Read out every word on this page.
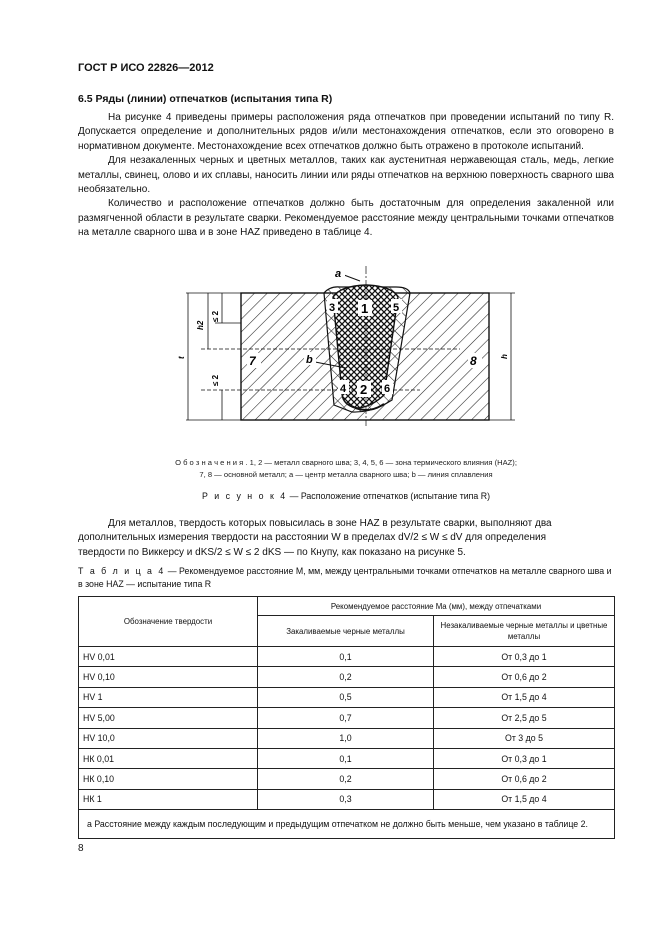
ГОСТ Р ИСО 22826—2012
6.5 Ряды (линии) отпечатков (испытания типа R)

На рисунке 4 приведены примеры расположения ряда отпечатков при проведении испытаний по типу R. Допускается определение и дополнительных рядов и/или местонахождения отпечатков, если это оговорено в нормативном документе. Местонахождение всех отпечатков должно быть отражено в протоколе испытаний.

Для незакаленных черных и цветных металлов, таких как аустенитная нержавеющая сталь, медь, легкие металлы, свинец, олово и их сплавы, наносить линии или ряды отпечатков на верхнюю поверхность сварного шва необязательно.

Количество и расположение отпечатков должно быть достаточным для определения закаленной или размягченной области в результате сварки. Рекомендуемое расстояние между центральными точками отпечатков на металле сварного шва и в зоне HAZ приведено в таблице 4.

a
1
2
3
4
5
6
b
7	8
h2
≤ 2
≤ 2
t	h
О б о з н а ч е н и я . 1, 2 — металл сварного шва; 3, 4, 5, 6 — зона термического влияния (HAZ);
7, 8 — основной металл; a — центр металла сварного шва; b — линия сплавления
Р и с у н о к 4 — Расположение отпечатков (испытание типа R)
Для металлов, твердость которых повысилась в зоне HAZ в результате сварки, выполняют два
дополнительных измерения твердости на расстоянии W в пределах dV/2 ≤ W ≤ dV для определения
твердости по Виккерсу и dKS/2 ≤ W ≤ 2 dKS — по Кнупу, как показано на рисунке 5.
Т а б л и ц а 4 — Рекомендуемое расстояние М, мм, между центральными точками отпечатков на металле сварного шва и в зоне HAZ — испытание типа R
Обозначение твердости	Рекомендуемое расстояние Мa (мм), между отпечатками	
	Закаливаемые черные металлы	Незакаливаемые черные металлы и цветные металлы
HV 0,01	0,1	От 0,3 до 1
HV 0,10	0,2	От 0,6 до 2
HV 1	0,5	От 1,5 до 4
HV 5,00	0,7	От 2,5 до 5
HV 10,0	1,0	От 3 до 5
НК 0,01	0,1	От 0,3 до 1
НК 0,10	0,2	От 0,6 до 2
НК 1	0,3	От 1,5 до 4
a Расстояние между каждым последующим и предыдущим отпечатком не должно быть меньше, чем указано в таблице 2.		
8
